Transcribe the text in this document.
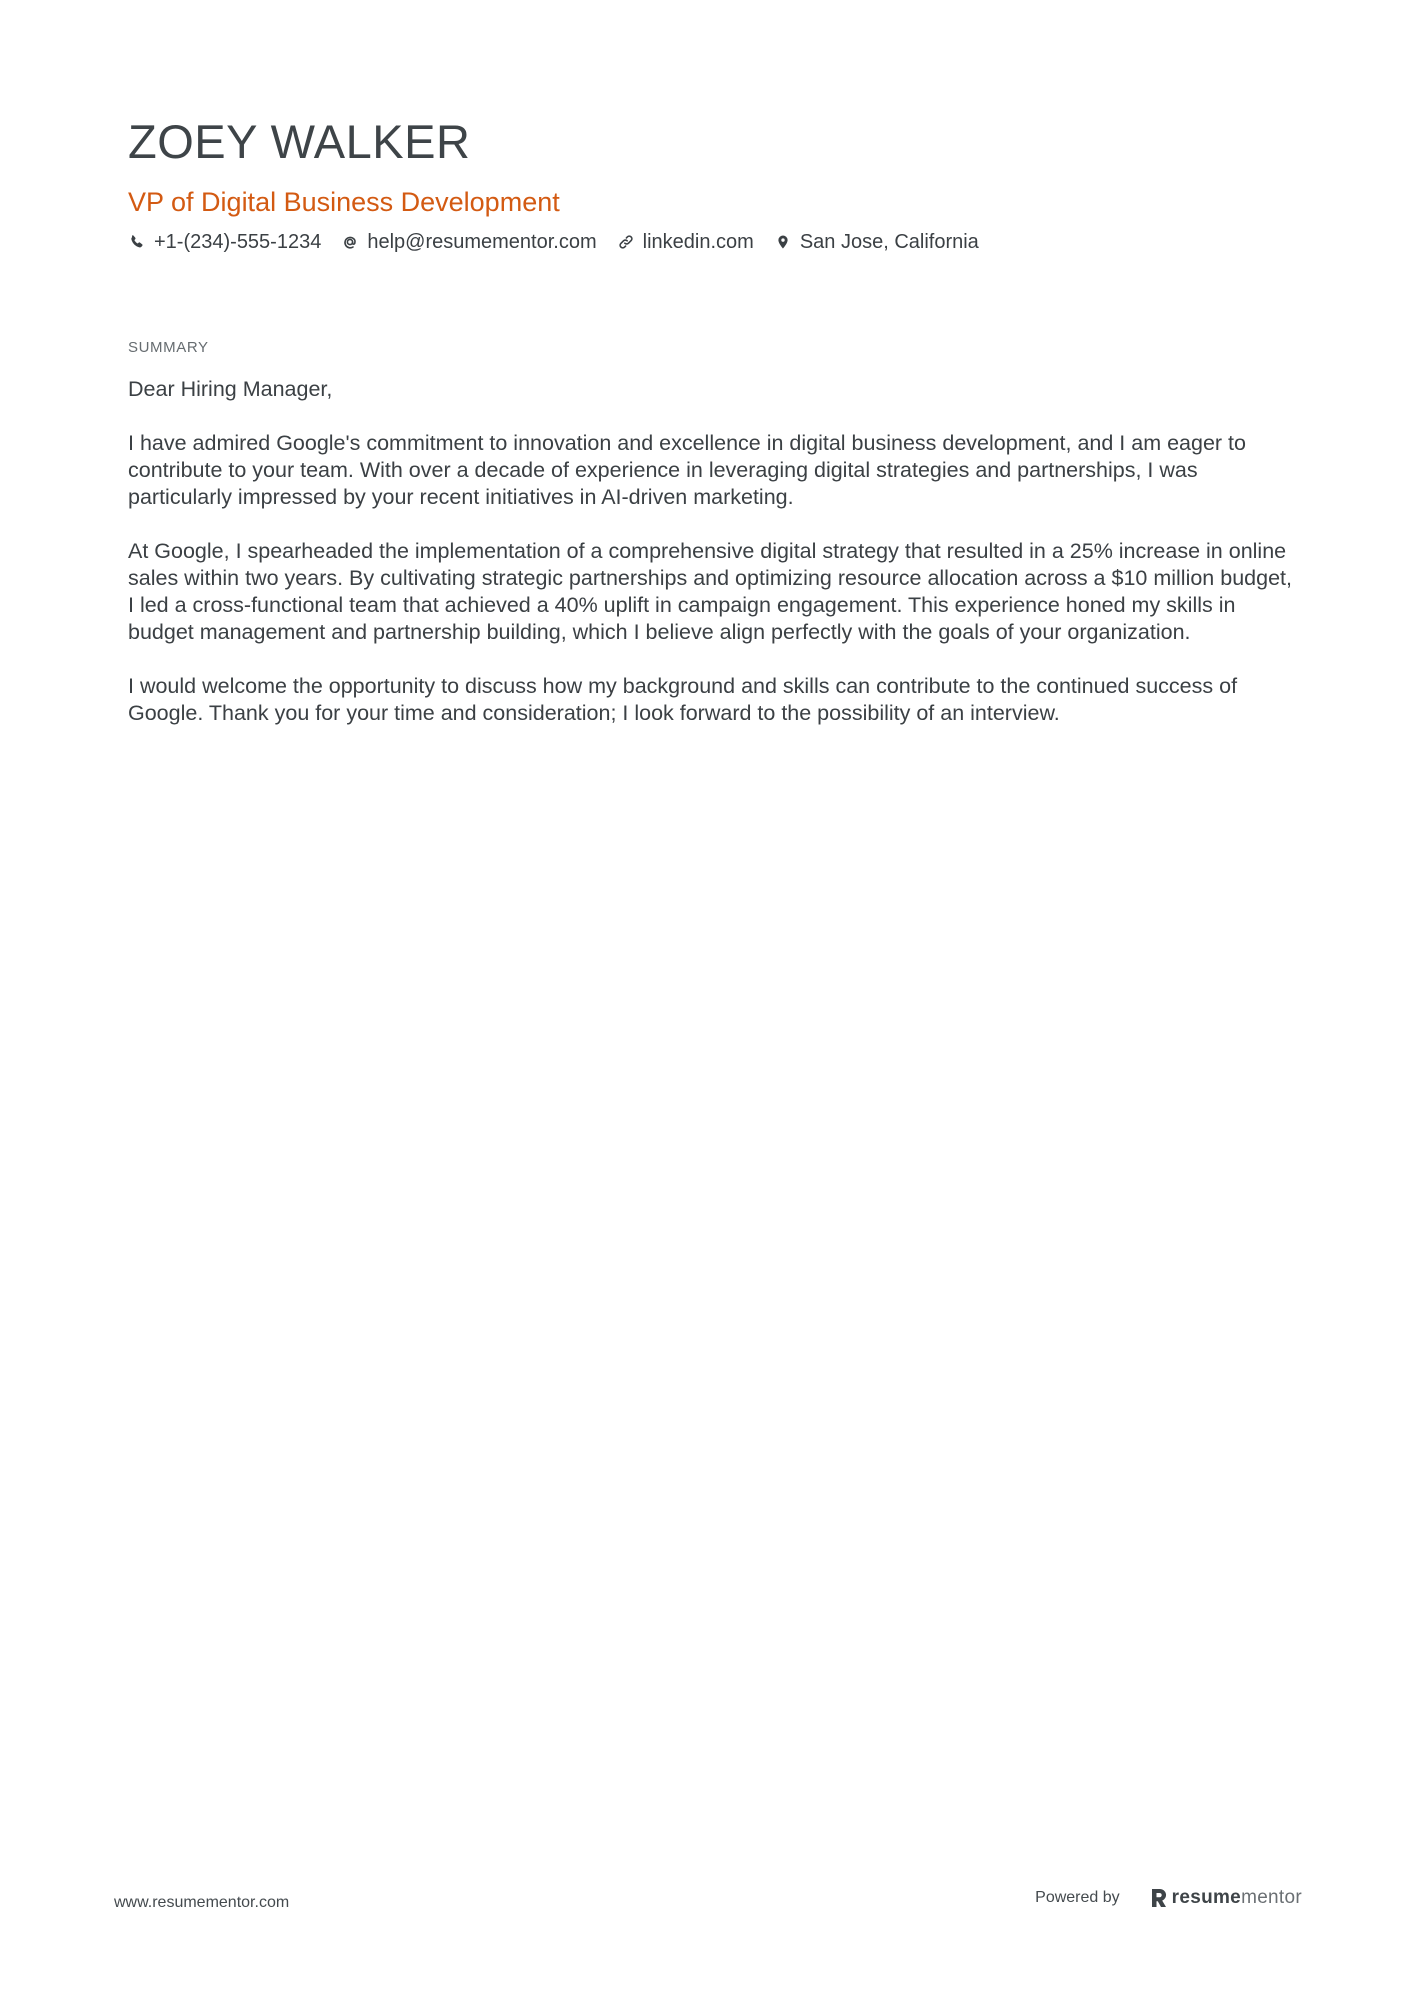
ZOEY WALKER
VP of Digital Business Development
+1-(234)-555-1234 help@resumementor.com linkedin.com San Jose, California
SUMMARY

Dear Hiring Manager,

I have admired Google's commitment to innovation and excellence in digital business development, and I am eager to contribute to your team. With over a decade of experience in leveraging digital strategies and partnerships, I was particularly impressed by your recent initiatives in AI-driven marketing.

At Google, I spearheaded the implementation of a comprehensive digital strategy that resulted in a 25% increase in online sales within two years. By cultivating strategic partnerships and optimizing resource allocation across a $10 million budget, I led a cross-functional team that achieved a 40% uplift in campaign engagement. This experience honed my skills in budget management and partnership building, which I believe align perfectly with the goals of your organization.

I would welcome the opportunity to discuss how my background and skills can contribute to the continued success of Google. Thank you for your time and consideration; I look forward to the possibility of an interview.

www.resumementor.com	Powered by	resumementor
